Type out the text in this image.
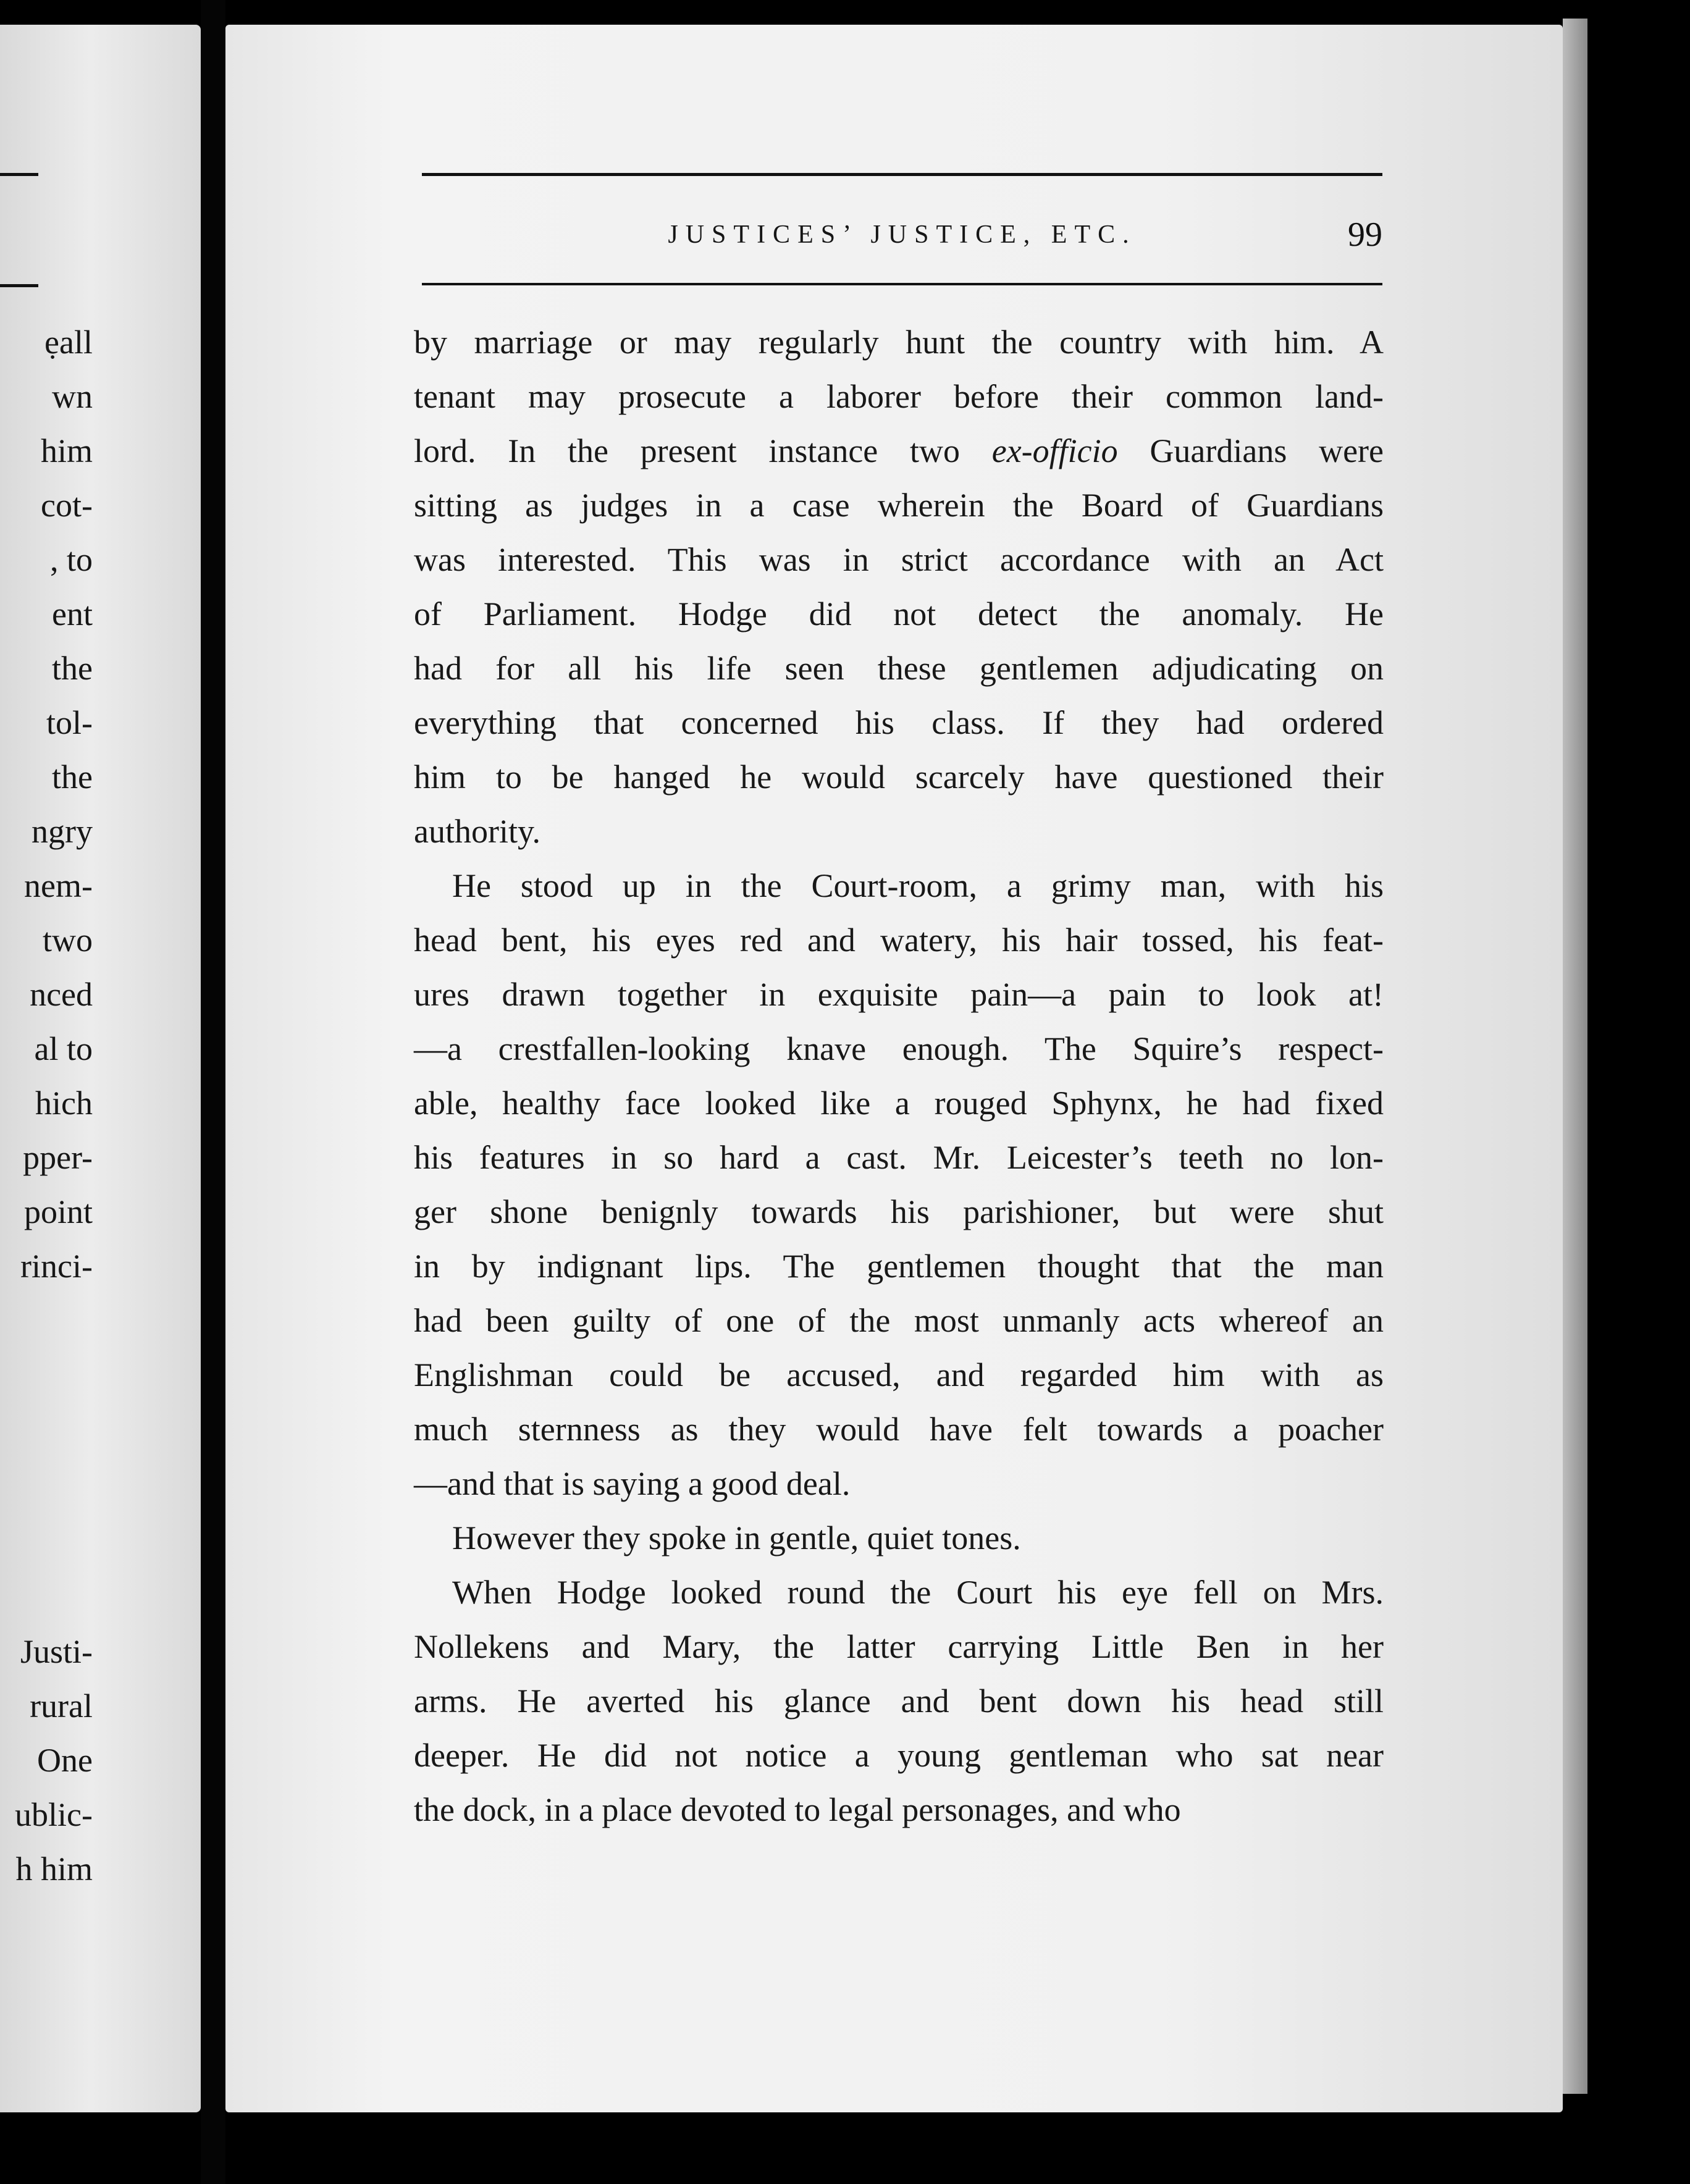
ẹall
wn
him
cot-
, to
ent
the
tol-
the
ngry
nem-
two
nced
al to
hich
pper-
point
rinci-
Justi-
rural
One
ublic-
h him
JUSTICES’ JUSTICE, ETC.	99
by marriage or may regularly hunt the country with him. A
tenant may prosecute a laborer before their common land-
lord. In the present instance two ex-officio Guardians were
sitting as judges in a case wherein the Board of Guardians
was interested. This was in strict accordance with an Act
of Parliament. Hodge did not detect the anomaly. He
had for all his life seen these gentlemen adjudicating on
everything that concerned his class. If they had ordered
him to be hanged he would scarcely have questioned their
authority.
He stood up in the Court-room, a grimy man, with his
head bent, his eyes red and watery, his hair tossed, his feat-
ures drawn together in exquisite pain—a pain to look at!
—a crestfallen-looking knave enough. The Squire’s respect-
able, healthy face looked like a rouged Sphynx, he had fixed
his features in so hard a cast. Mr. Leicester’s teeth no lon-
ger shone benignly towards his parishioner, but were shut
in by indignant lips. The gentlemen thought that the man
had been guilty of one of the most unmanly acts whereof an
Englishman could be accused, and regarded him with as
much sternness as they would have felt towards a poacher
—and that is saying a good deal.
However they spoke in gentle, quiet tones.
When Hodge looked round the Court his eye fell on Mrs.
Nollekens and Mary, the latter carrying Little Ben in her
arms. He averted his glance and bent down his head still
deeper. He did not notice a young gentleman who sat near
the dock, in a place devoted to legal personages, and who
